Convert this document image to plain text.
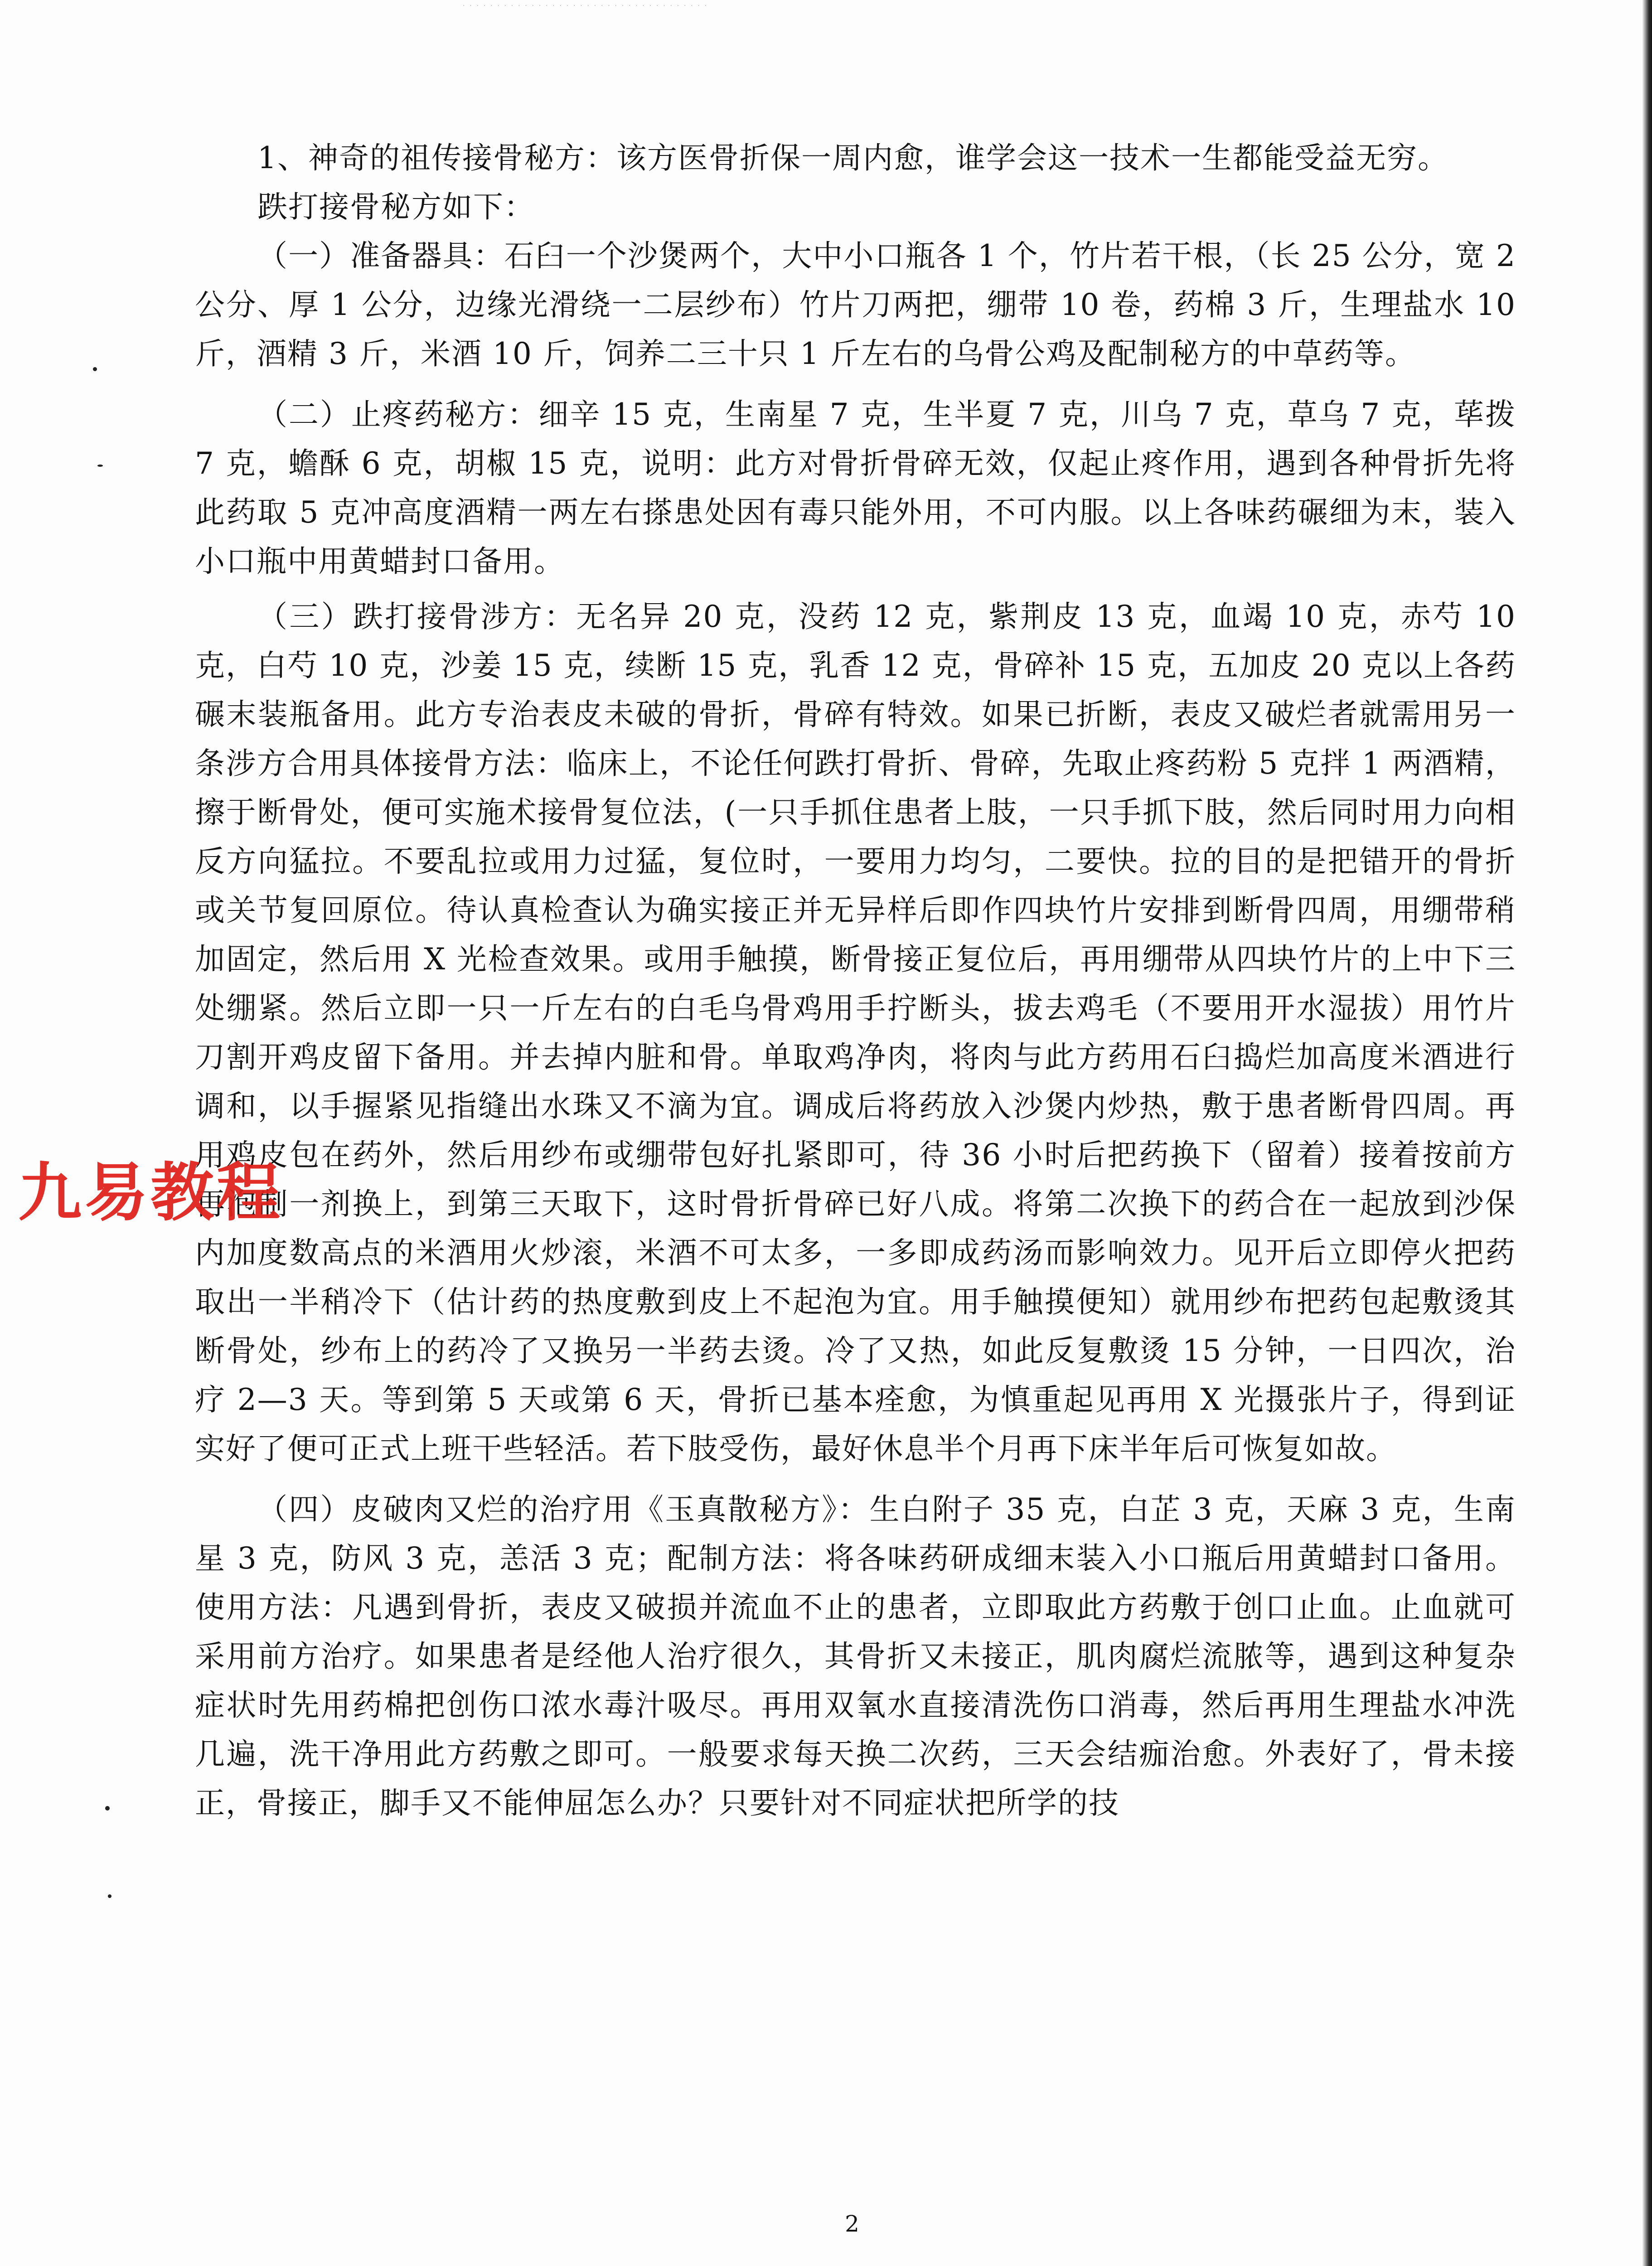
· · · · · · · · · · · · · · · · · · · · · · · · · · · · · · · · · · · ·

1、神奇的祖传接骨秘方：该方医骨折保一周内愈，谁学会这一技术一生都能受益无穷。

跌打接骨秘方如下：

（一）准备器具：石臼一个沙煲两个，大中小口瓶各 1 个，竹片若干根，（长 25 公分，宽 2 公分、厚 1 公分，边缘光滑绕一二层纱布）竹片刀两把，绷带 10 卷，药棉 3 斤，生理盐水 10 斤，酒精 3 斤，米酒 10 斤，饲养二三十只 1 斤左右的乌骨公鸡及配制秘方的中草药等。

（二）止疼药秘方：细辛 15 克，生南星 7 克，生半夏 7 克，川乌 7 克，草乌 7 克，荜拨 7 克，蟾酥 6 克，胡椒 15 克，说明：此方对骨折骨碎无效，仅起止疼作用，遇到各种骨折先将此药取 5 克冲高度酒精一两左右搽患处因有毒只能外用，不可内服。以上各味药碾细为末，装入小口瓶中用黄蜡封口备用。

（三）跌打接骨涉方：无名异 20 克，没药 12 克，紫荆皮 13 克，血竭 10 克，赤芍 10 克，白芍 10 克，沙姜 15 克，续断 15 克，乳香 12 克，骨碎补 15 克，五加皮 20 克以上各药碾末装瓶备用。此方专治表皮未破的骨折，骨碎有特效。如果已折断，表皮又破烂者就需用另一条涉方合用具体接骨方法：临床上，不论任何跌打骨折、骨碎，先取止疼药粉 5 克拌 1 两酒精，擦于断骨处，便可实施术接骨复位法，(一只手抓住患者上肢，一只手抓下肢，然后同时用力向相反方向猛拉。不要乱拉或用力过猛，复位时，一要用力均匀，二要快。拉的目的是把错开的骨折或关节复回原位。待认真检查认为确实接正并无异样后即作四块竹片安排到断骨四周，用绷带稍加固定，然后用 X 光检查效果。或用手触摸，断骨接正复位后，再用绷带从四块竹片的上中下三处绷紧。然后立即一只一斤左右的白毛乌骨鸡用手拧断头，拔去鸡毛（不要用开水湿拔）用竹片刀割开鸡皮留下备用。并去掉内脏和骨。单取鸡净肉，将肉与此方药用石臼捣烂加高度米酒进行调和，以手握紧见指缝出水珠又不滴为宜。调成后将药放入沙煲内炒热，敷于患者断骨四周。再用鸡皮包在药外，然后用纱布或绷带包好扎紧即可，待 36 小时后把药换下（留着）接着按前方再泡制一剂换上，到第三天取下，这时骨折骨碎已好八成。将第二次换下的药合在一起放到沙保内加度数高点的米酒用火炒滚，米酒不可太多，一多即成药汤而影响效力。见开后立即停火把药取出一半稍冷下（估计药的热度敷到皮上不起泡为宜。用手触摸便知）就用纱布把药包起敷烫其断骨处，纱布上的药冷了又换另一半药去烫。冷了又热，如此反复敷烫 15 分钟，一日四次，治疗 2—3 天。等到第 5 天或第 6 天，骨折已基本痊愈，为慎重起见再用 X 光摄张片子，得到证实好了便可正式上班干些轻活。若下肢受伤，最好休息半个月再下床半年后可恢复如故。

（四）皮破肉又烂的治疗用《玉真散秘方》：生白附子 35 克，白芷 3 克，天麻 3 克，生南星 3 克，防风 3 克，恙活 3 克；配制方法：将各味药研成细末装入小口瓶后用黄蜡封口备用。使用方法：凡遇到骨折，表皮又破损并流血不止的患者，立即取此方药敷于创口止血。止血就可采用前方治疗。如果患者是经他人治疗很久，其骨折又未接正，肌肉腐烂流脓等，遇到这种复杂症状时先用药棉把创伤口浓水毒汁吸尽。再用双氧水直接清洗伤口消毒，然后再用生理盐水冲洗几遍，洗干净用此方药敷之即可。一般要求每天换二次药，三天会结痂治愈。外表好了，骨未接正，骨接正，脚手又不能伸屈怎么办？只要针对不同症状把所学的技

九易教程
2
